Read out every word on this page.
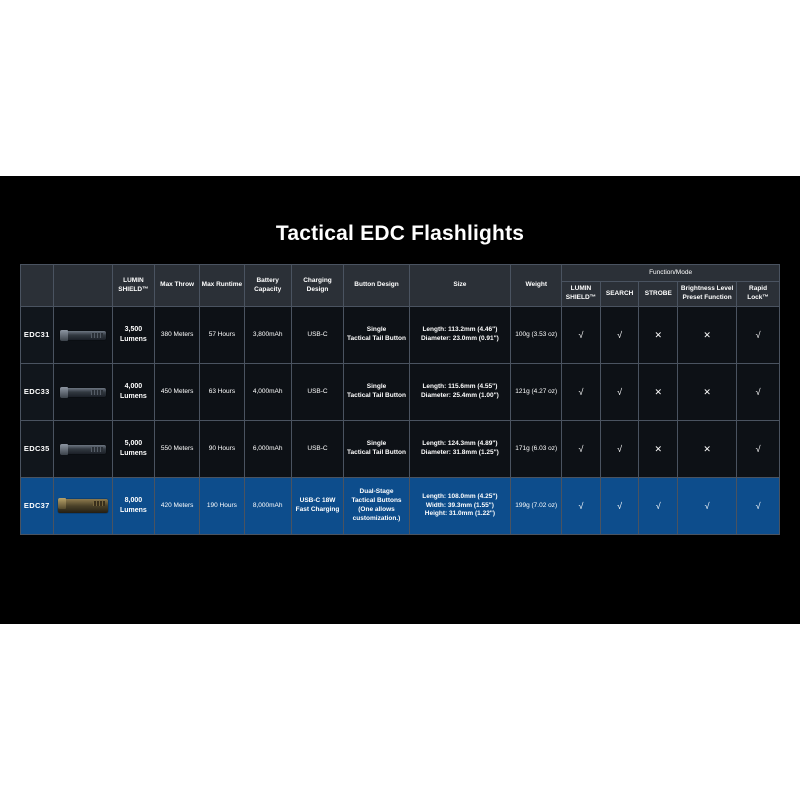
Tactical EDC Flashlights
		LUMIN SHIELD™	Max Throw	Max Runtime	Battery Capacity	Charging Design	Button Design	Size	Weight	Function/Mode				
										LUMIN SHIELD™	SEARCH	STROBE	Brightness Level Preset Function	Rapid Lock™
EDC31		3,500 Lumens	380 Meters	57 Hours	3,800mAh	USB-C	Single
Tactical Tail Button	Length: 113.2mm (4.46")
Diameter: 23.0mm (0.91")	100g (3.53 oz)	√	√	✕	✕	√
EDC33		4,000 Lumens	450 Meters	63 Hours	4,000mAh	USB-C	Single
Tactical Tail Button	Length: 115.6mm (4.55")
Diameter: 25.4mm (1.00")	121g (4.27 oz)	√	√	✕	✕	√
EDC35		5,000 Lumens	550 Meters	90 Hours	6,000mAh	USB-C	Single
Tactical Tail Button	Length: 124.3mm (4.89")
Diameter: 31.8mm (1.25")	171g (6.03 oz)	√	√	✕	✕	√
EDC37		8,000 Lumens	420 Meters	190 Hours	8,000mAh	USB-C 18W
Fast Charging	Dual-Stage
Tactical Buttons
(One allows customization.)	Length: 108.0mm (4.25")
Width: 39.3mm (1.55")
Height: 31.0mm (1.22")	199g (7.02 oz)	√	√	√	√	√
